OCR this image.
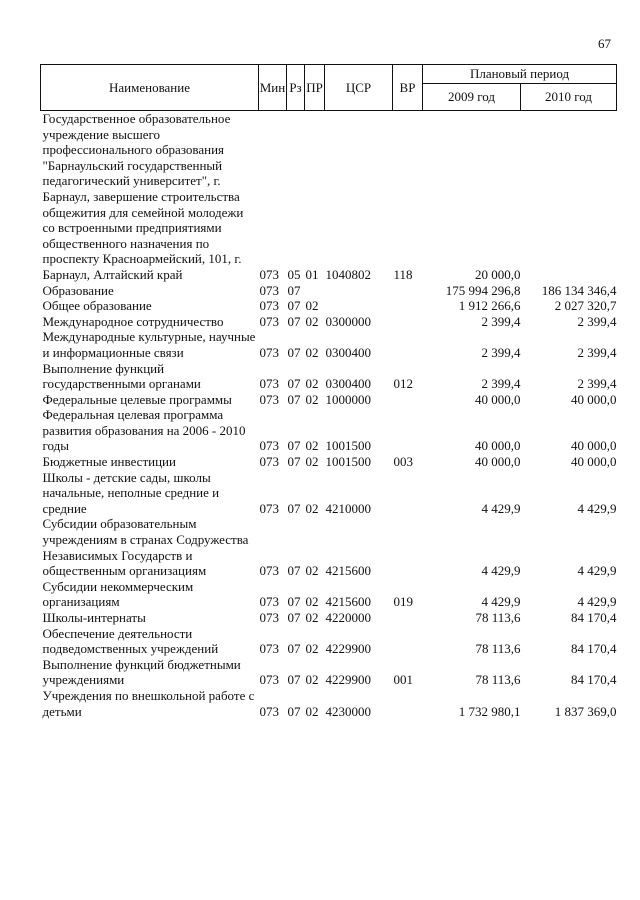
67
Наименование	Мин	Рз	ПР	ЦСР	ВР	Плановый период	
						2009 год	2010 год
Государственное образовательное учреждение высшего профессионального образования "Барнаульский государственный педагогический университет", г. Барнаул, завершение строительства общежития для семейной молодежи со встроенными предприятиями общественного назначения по проспекту Красноармейский, 101, г. Барнаул, Алтайский край	073	05	01	1040802	118	20 000,0	
Образование	073	07				175 994 296,8	186 134 346,4
Общее образование	073	07	02			1 912 266,6	2 027 320,7
Международное сотрудничество	073	07	02	0300000		2 399,4	2 399,4
Международные культурные, научные и информационные связи	073	07	02	0300400		2 399,4	2 399,4
Выполнение функций государственными органами	073	07	02	0300400	012	2 399,4	2 399,4
Федеральные целевые программы	073	07	02	1000000		40 000,0	40 000,0
Федеральная целевая программа развития образования на 2006 - 2010 годы	073	07	02	1001500		40 000,0	40 000,0
Бюджетные инвестиции	073	07	02	1001500	003	40 000,0	40 000,0
Школы - детские сады, школы начальные, неполные средние и средние	073	07	02	4210000		4 429,9	4 429,9
Субсидии образовательным учреждениям в странах Содружества Независимых Государств и общественным организациям	073	07	02	4215600		4 429,9	4 429,9
Субсидии некоммерческим организациям	073	07	02	4215600	019	4 429,9	4 429,9
Школы-интернаты	073	07	02	4220000		78 113,6	84 170,4
Обеспечение деятельности подведомственных учреждений	073	07	02	4229900		78 113,6	84 170,4
Выполнение функций бюджетными учреждениями	073	07	02	4229900	001	78 113,6	84 170,4
Учреждения по внешкольной работе с детьми	073	07	02	4230000		1 732 980,1	1 837 369,0
